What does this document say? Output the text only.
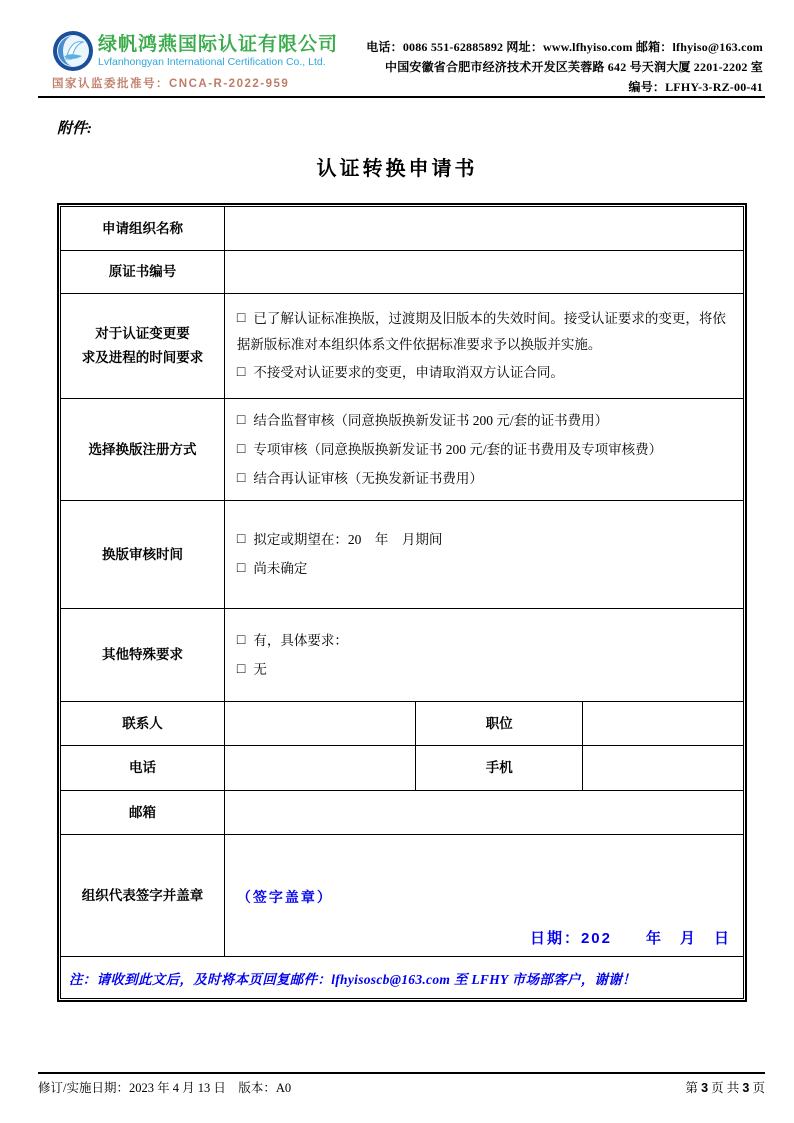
绿帆鸿燕国际认证有限公司
Lvfanhongyan International Certification Co., Ltd.
国家认监委批准号：CNCA-R-2022-959
电话：0086 551-62885892 网址：www.lfhyiso.com 邮箱：lfhyiso@163.com
中国安徽省合肥市经济技术开发区芙蓉路 642 号天润大厦 2201-2202 室
编号：LFHY-3-RZ-00-41
附件:
认证转换申请书
申请组织名称			
原证书编号			

对于认证变更要
求及进程的时间要求

□ 已了解认证标准换版，过渡期及旧版本的失效时间。接受认证要求的变更，将依据新版标准对本组织体系文件依据标准要求予以换版并实施。
□ 不接受对认证要求的变更，申请取消双方认证合同。

选择换版注册方式	□ 结合监督审核（同意换版换新发证书 200 元/套的证书费用）
□ 专项审核（同意换版换新发证书 200 元/套的证书费用及专项审核费）
□ 结合再认证审核（无换发新证书费用）		

换版审核时间	□ 拟定或期望在：20　年　月期间
□ 尚未确定		

其他特殊要求	□ 有，具体要求：
□ 无		

联系人		职位	
电话		手机	
邮箱			
组织代表签字并盖章	（签字盖章）
日期：202　　年　月　日		

注：请收到此文后，及时将本页回复邮件：lfhyisoscb@163.com 至 LFHY 市场部客户，谢谢！			
修订/实施日期：2023 年 4 月 13 日　版本：A0	第 3 页 共 3 页
